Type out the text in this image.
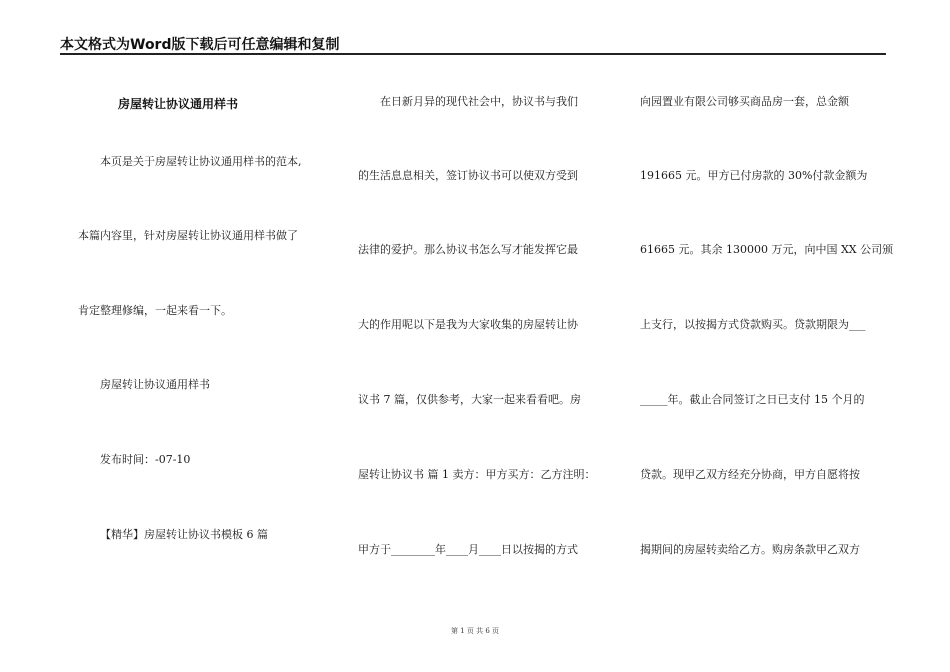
本文格式为Word版下载后可任意编辑和复制
房屋转让协议通用样书
本页是关于房屋转让协议通用样书的范本,
本篇内容里，针对房屋转让协议通用样书做了
肯定整理修编，一起来看一下。
房屋转让协议通用样书
发布时间：-07-10
【精华】房屋转让协议书模板 6 篇
在日新月异的现代社会中，协议书与我们
的生活息息相关，签订协议书可以使双方受到
法律的爱护。那么协议书怎么写才能发挥它最
大的作用呢以下是我为大家收集的房屋转让协
议书 7 篇，仅供参考，大家一起来看看吧。房
屋转让协议书 篇 1 卖方：甲方买方：乙方注明：
甲方于________年____月____日以按揭的方式
向园置业有限公司够买商品房一套，总金额
191665 元。甲方已付房款的 30%付款金额为
61665 元。其余 130000 万元，向中国 XX 公司颁
上支行，以按揭方式贷款购买。贷款期限为___
_____年。截止合同签订之日已支付 15 个月的
贷款。现甲乙双方经充分协商，甲方自愿将按
揭期间的房屋转卖给乙方。购房条款甲乙双方
第 1 页 共 6 页
